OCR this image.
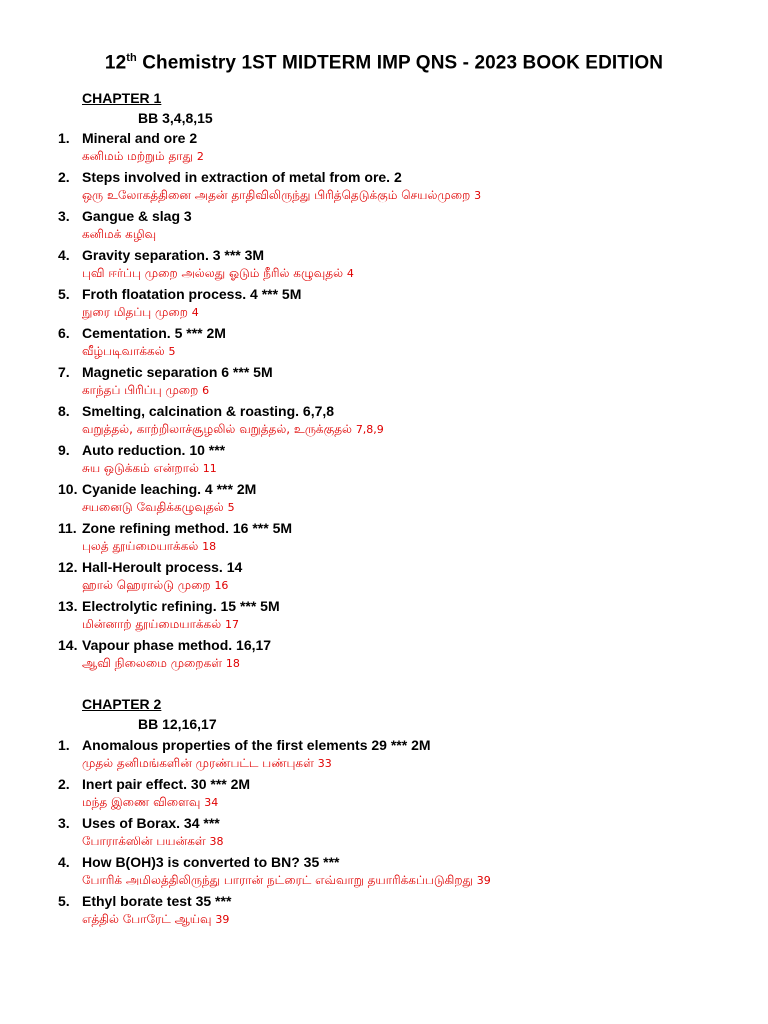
12th Chemistry 1ST MIDTERM IMP QNS - 2023 BOOK EDITION
CHAPTER 1
BB 3,4,8,15
1. Mineral and ore 2
கனிமம் மற்றும் தாது 2
2. Steps involved in extraction of metal from ore. 2
ஒரு உலோகத்தினை அதன் தாதிவிலிருந்து பிரித்தெடுக்கும் செயல்முறை 3
3. Gangue & slag 3
கனிமக் கழிவு
4. Gravity separation. 3 *** 3M
புவி ஈர்ப்பு முறை அல்லது ஓடும் நீரில் கழுவுதல் 4
5. Froth floatation process. 4 *** 5M
நுரை மிதப்பு முறை 4
6. Cementation. 5 *** 2M
வீழ்படிவாக்கல் 5
7. Magnetic separation 6 *** 5M
காந்தப் பிரிப்பு முறை 6
8. Smelting, calcination & roasting. 6,7,8
வறுத்தல், காற்றிலாச்சூழலில் வறுத்தல், உருக்குதல் 7,8,9
9. Auto reduction. 10 ***
சுய ஒடுக்கம் என்றால் 11
10. Cyanide leaching. 4 *** 2M
சயனைடு வேதிக்கழுவுதல் 5
11. Zone refining method. 16 *** 5M
புலத் தூய்மையாக்கல் 18
12. Hall-Heroult process. 14
ஹால் ஹெரால்டு முறை 16
13. Electrolytic refining. 15 *** 5M
மின்னாற் தூய்மையாக்கல் 17
14. Vapour phase method. 16,17
ஆவி நிலைமை முறைகள் 18
CHAPTER 2
BB 12,16,17
1. Anomalous properties of the first elements 29 *** 2M
முதல் தனிமங்களின் முரண்பட்ட பண்புகள் 33
2. Inert pair effect. 30 *** 2M
மந்த இணை விளைவு 34
3. Uses of Borax. 34 ***
போராக்ஸின் பயன்கள் 38
4. How B(OH)3 is converted to BN? 35 ***
போரிக் அமிலத்திலிருந்து பாரான் நட்ரைட் எவ்வாறு தயாரிக்கப்படுகிறது 39
5. Ethyl borate test 35 ***
எத்தில் போரேட் ஆய்வு 39
